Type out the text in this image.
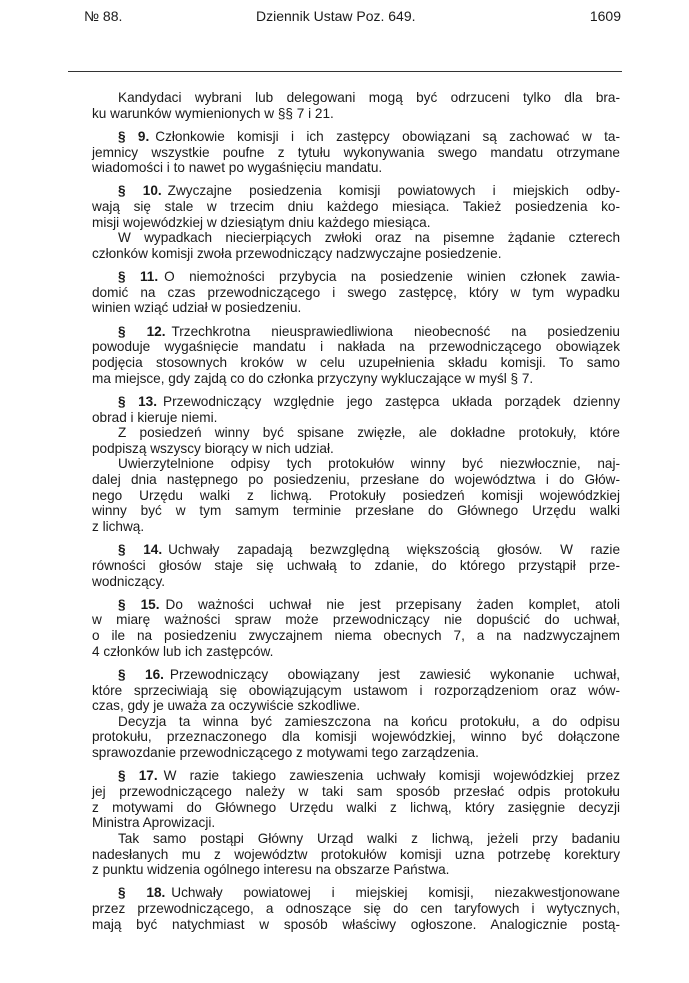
№ 88.	Dziennik Ustaw Poz. 649.	1609
Kandydaci wybrani lub delegowani mogą być odrzuceni tylko dla bra-
ku warunków wymienionych w §§ 7 i 21.
§ 9. Członkowie komisji i ich zastępcy obowiązani są zachować w ta-
jemnicy wszystkie poufne z tytułu wykonywania swego mandatu otrzymane
wiadomości i to nawet po wygaśnięciu mandatu.
§ 10. Zwyczajne posiedzenia komisji powiatowych i miejskich odby-
wają się stale w trzecim dniu każdego miesiąca. Takież posiedzenia ko-
misji wojewódzkiej w dziesiątym dniu każdego miesiąca.
W wypadkach niecierpiących zwłoki oraz na pisemne żądanie czterech
członków komisji zwoła przewodniczący nadzwyczajne posiedzenie.
§ 11. O niemożności przybycia na posiedzenie winien członek zawia-
domić na czas przewodniczącego i swego zastępcę, który w tym wypadku
winien wziąć udział w posiedzeniu.
§ 12. Trzechkrotna nieusprawiedliwiona nieobecność na posiedzeniu
powoduje wygaśnięcie mandatu i nakłada na przewodniczącego obowiązek
podjęcia stosownych kroków w celu uzupełnienia składu komisji. To samo
ma miejsce, gdy zajdą co do członka przyczyny wykluczające w myśl § 7.
§ 13. Przewodniczący względnie jego zastępca układa porządek dzienny
obrad i kieruje niemi.
Z posiedzeń winny być spisane zwięzłe, ale dokładne protokuły, które
podpiszą wszyscy biorący w nich udział.
Uwierzytelnione odpisy tych protokułów winny być niezwłocznie, naj-
dalej dnia następnego po posiedzeniu, przesłane do województwa i do Głów-
nego Urzędu walki z lichwą. Protokuły posiedzeń komisji wojewódzkiej
winny być w tym samym terminie przesłane do Głównego Urzędu walki
z lichwą.
§ 14. Uchwały zapadają bezwzględną większością głosów. W razie
równości głosów staje się uchwałą to zdanie, do którego przystąpił prze-
wodniczący.
§ 15. Do ważności uchwał nie jest przepisany żaden komplet, atoli
w miarę ważności spraw może przewodniczący nie dopuścić do uchwał,
o ile na posiedzeniu zwyczajnem niema obecnych 7, a na nadzwyczajnem
4 członków lub ich zastępców.
§ 16. Przewodniczący obowiązany jest zawiesić wykonanie uchwał,
które sprzeciwiają się obowiązującym ustawom i rozporządzeniom oraz wów-
czas, gdy je uważa za oczywiście szkodliwe.
Decyzja ta winna być zamieszczona na końcu protokułu, a do odpisu
protokułu, przeznaczonego dla komisji wojewódzkiej, winno być dołączone
sprawozdanie przewodniczącego z motywami tego zarządzenia.
§ 17. W razie takiego zawieszenia uchwały komisji wojewódzkiej przez
jej przewodniczącego należy w taki sam sposób przesłać odpis protokułu
z motywami do Głównego Urzędu walki z lichwą, który zasięgnie decyzji
Ministra Aprowizacji.
Tak samo postąpi Główny Urząd walki z lichwą, jeżeli przy badaniu
nadesłanych mu z województw protokułów komisji uzna potrzebę korektury
z punktu widzenia ogólnego interesu na obszarze Państwa.
§ 18. Uchwały powiatowej i miejskiej komisji, niezakwestjonowane
przez przewodniczącego, a odnoszące się do cen taryfowych i wytycznych,
mają być natychmiast w sposób właściwy ogłoszone. Analogicznie postą-
